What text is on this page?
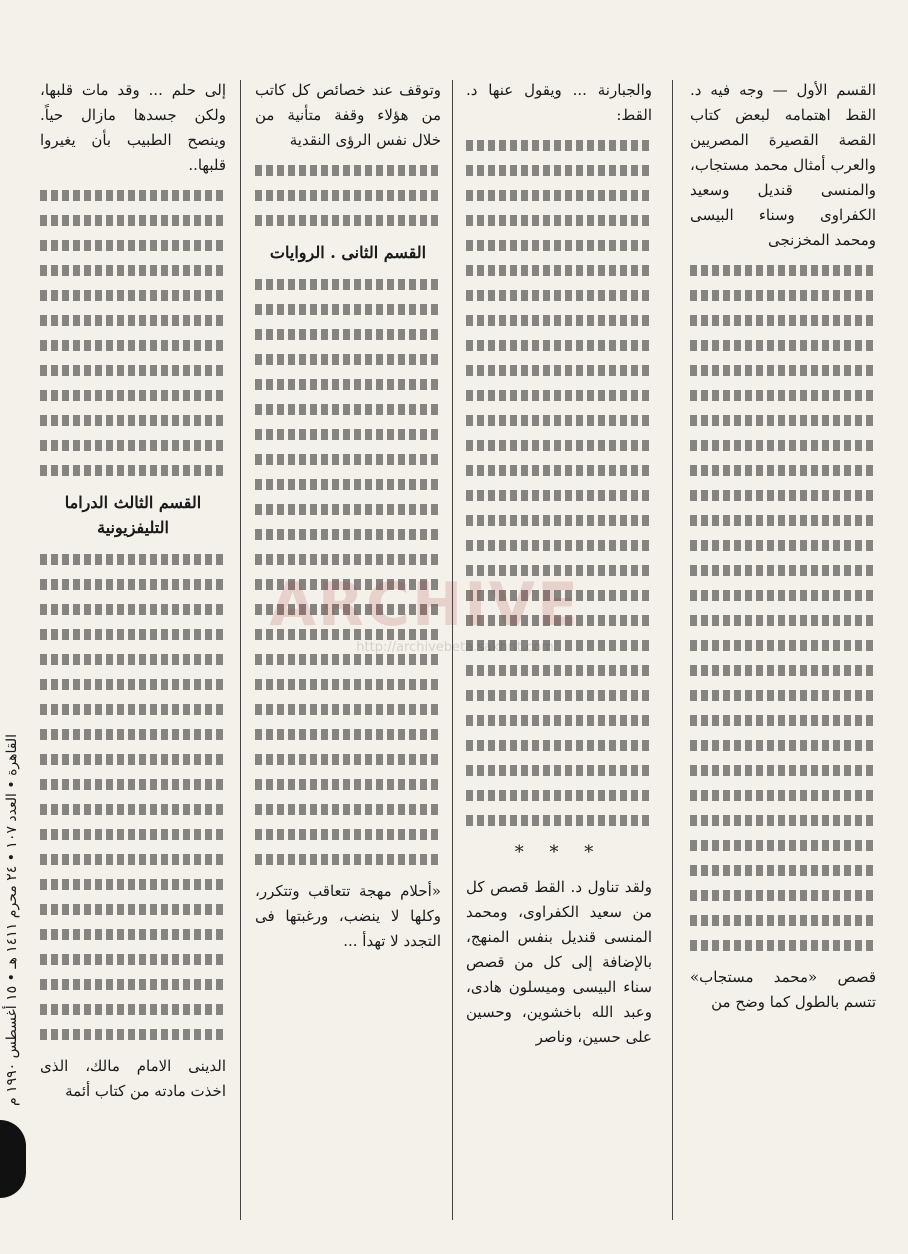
القسم الأول — وجه فيه د. القط اهتمامه لبعض كتاب القصة القصيرة المصريين والعرب أمثال محمد مستجاب، والمنسى قنديل وسعيد الكفراوى وسناء البيسى ومحمد المخزنجى

قصص «محمد مستجاب» تتسم بالطول كما وضح من

والجبارنة ... ويقول عنها د. القط:

* * *

ولقد تناول د. القط قصص كل من سعيد الكفراوى، ومحمد المنسى قنديل بنفس المنهج، بالإضافة إلى كل من قصص سناء البيسى وميسلون هادى، وعبد الله باخشوين، وحسين على حسين، وناصر

وتوقف عند خصائص كل كاتب من هؤلاء وقفة متأنية من خلال نفس الرؤى النقدية

القسم الثانى . الروايات

«أحلام مهجة تتعاقب وتتكرر، وكلها لا ينضب، ورغبتها فى التجدد لا تهدأ ...

إلى حلم ... وقد مات قلبها، ولكن جسدها مازال حياً. وينصح الطبيب بأن يغيروا قلبها..

القسم الثالث الدراما التليفزيونية

الدينى الامام مالك، الذى اخذت مادته من كتاب أئمة

القاهرة • العدد ١٠٧ • ٢٤ محرم ١٤١١ هـ • ١٥ أغسطس ١٩٩٠ م
http://archivebeta.sakhrit.com
